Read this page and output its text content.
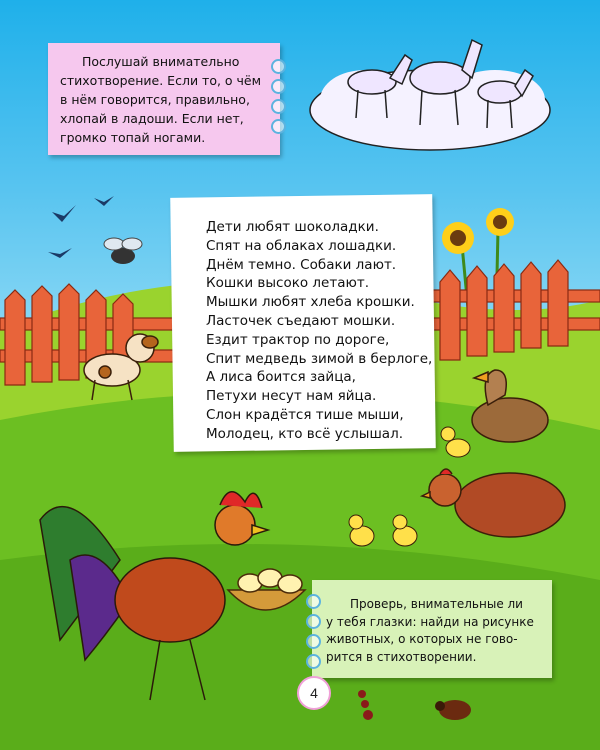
Послушай внимательно
стихотворение. Если то, о чём
в нём говорится, правильно,
хлопай в ладоши. Если нет,
громко топай ногами.
Дети любят шоколадки.
Спят на облаках лошадки.
Днём темно. Собаки лают.
Кошки высоко летают.
Мышки любят хлеба крошки.
Ласточек съедают мошки.
Ездит трактор по дороге,
Спит медведь зимой в берлоге,
А лиса боится зайца,
Петухи несут нам яйца.
Слон крадётся тише мыши,
Молодец, кто всё услышал.
Проверь, внимательные ли
у тебя глазки: найди на рисунке
животных, о которых не гово-
рится в стихотворении.
4
